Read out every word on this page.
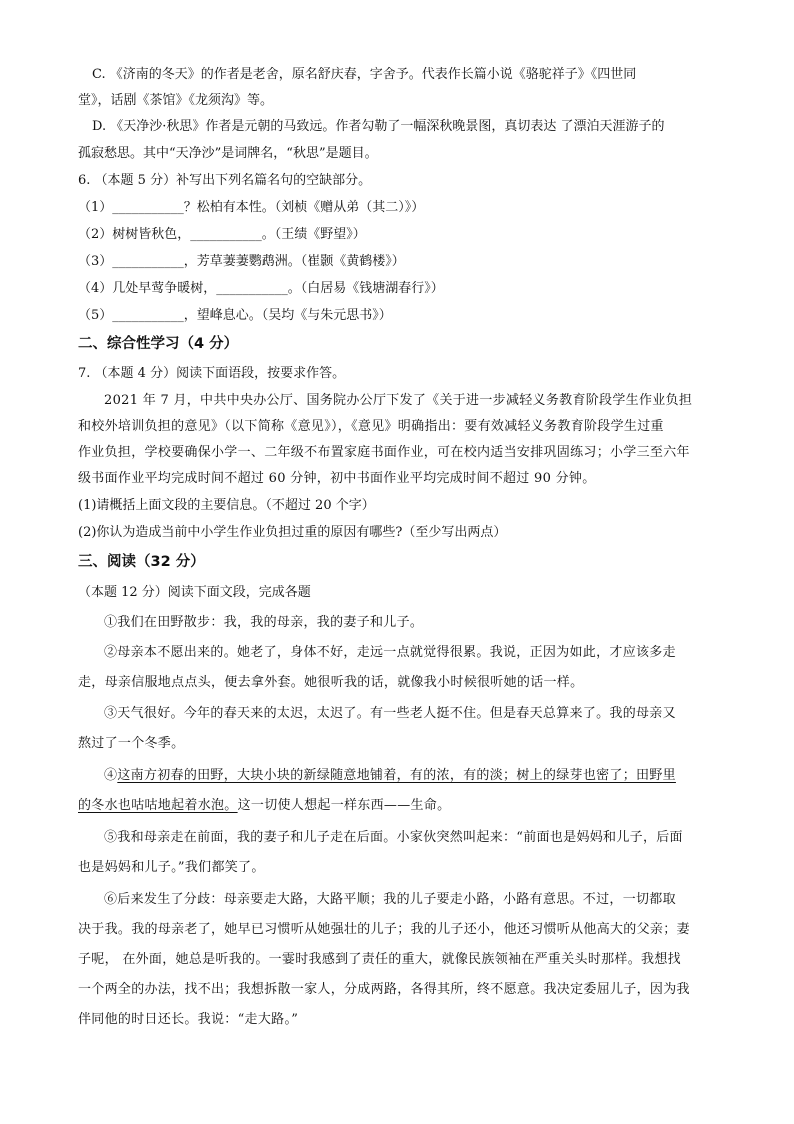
C. 《济南的冬天》的作者是老舍，原名舒庆春，字舍予。代表作长篇小说《骆驼祥子》《四世同
堂》，话剧《茶馆》《龙须沟》等。
D. 《天净沙·秋思》作者是元朝的马致远。作者勾勒了一幅深秋晚景图，真切表达 了漂泊天涯游子的
孤寂愁思。其中“天净沙”是词牌名，“秋思”是题目。
6. （本题 5 分）补写出下列名篇名句的空缺部分。
（1）___________？松柏有本性。（刘桢《赠从弟（其二）》）
（2）树树皆秋色，___________。（王绩《野望》）
（3）___________，芳草萋萋鹦鹉洲。（崔颢《黄鹤楼》）
（4）几处早莺争暖树，___________。（白居易《钱塘湖春行》）
（5）___________，望峰息心。（吴均《与朱元思书》）
二、综合性学习（4 分）
7. （本题 4 分）阅读下面语段，按要求作答。
2021 年 7 月，中共中央办公厅、国务院办公厅下发了《关于进一步减轻义务教育阶段学生作业负担
和校外培训负担的意见》（以下简称《意见》），《意见》明确指出：要有效减轻义务教育阶段学生过重
作业负担，学校要确保小学一、二年级不布置家庭书面作业，可在校内适当安排巩固练习；小学三至六年
级书面作业平均完成时间不超过 60 分钟，初中书面作业平均完成时间不超过 90 分钟。
(1)请概括上面文段的主要信息。（不超过 20 个字）
(2)你认为造成当前中小学生作业负担过重的原因有哪些?（至少写出两点）
三、阅读（32 分）
（本题 12 分）阅读下面文段，完成各题
①我们在田野散步：我，我的母亲，我的妻子和儿子。
②母亲本不愿出来的。她老了，身体不好，走远一点就觉得很累。我说，正因为如此，才应该多走
走，母亲信服地点点头，便去拿外套。她很听我的话，就像我小时候很听她的话一样。
③天气很好。今年的春天来的太迟，太迟了。有一些老人挺不住。但是春天总算来了。我的母亲又
熬过了一个冬季。
④这南方初春的田野，大块小块的新绿随意地铺着，有的浓，有的淡；树上的绿芽也密了；田野里
的冬水也咕咕地起着水泡。这一切使人想起一样东西——生命。
⑤我和母亲走在前面，我的妻子和儿子走在后面。小家伙突然叫起来：“前面也是妈妈和儿子，后面
也是妈妈和儿子。”我们都笑了。
⑥后来发生了分歧：母亲要走大路，大路平顺；我的儿子要走小路，小路有意思。不过，一切都取
决于我。我的母亲老了，她早已习惯听从她强壮的儿子；我的儿子还小，他还习惯听从他高大的父亲；妻
子呢， 在外面，她总是听我的。一霎时我感到了责任的重大，就像民族领袖在严重关头时那样。我想找
一个两全的办法，找不出；我想拆散一家人，分成两路，各得其所，终不愿意。我决定委屈儿子，因为我
伴同他的时日还长。我说：“走大路。”
